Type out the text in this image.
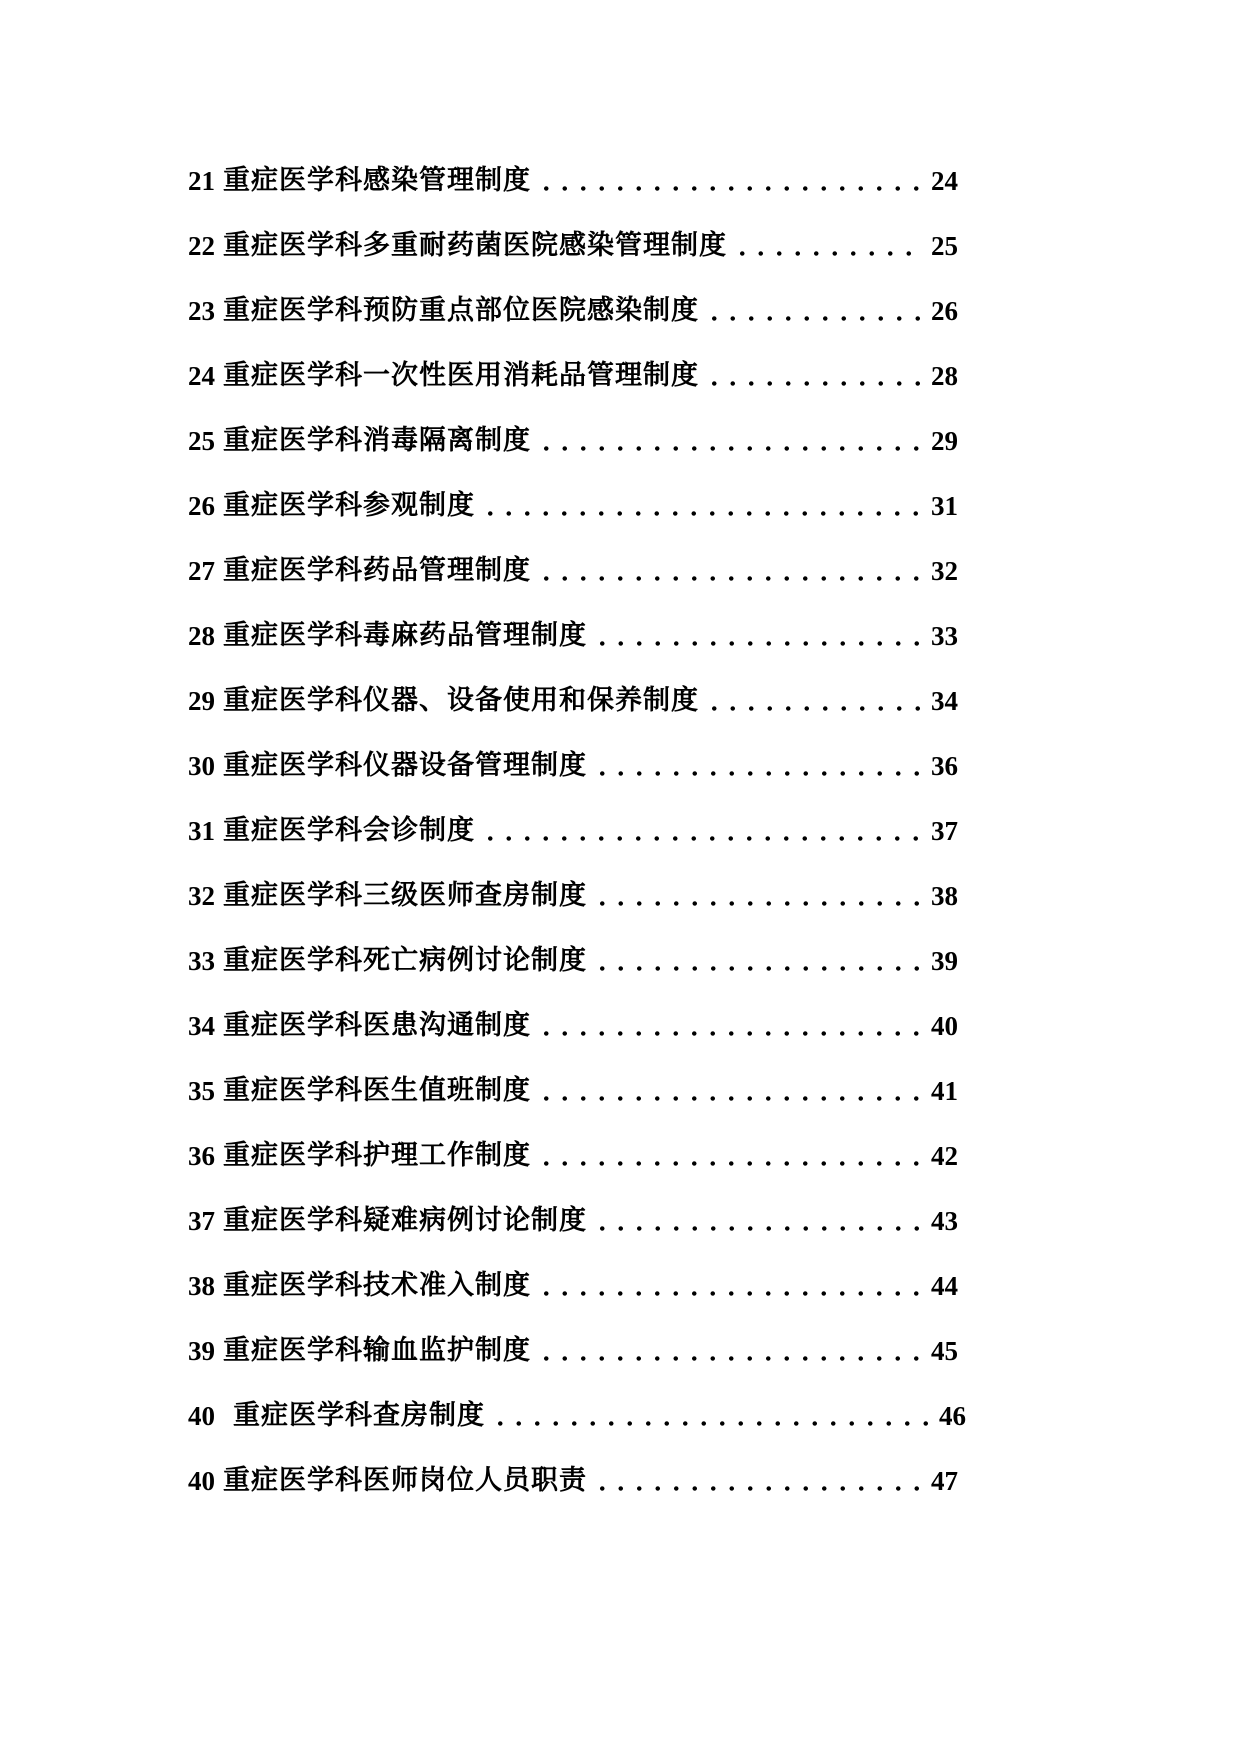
21 重症医学科感染管理制度	24
22 重症医学科多重耐药菌医院感染管理制度	25
23 重症医学科预防重点部位医院感染制度	26
24 重症医学科一次性医用消耗品管理制度	28
25 重症医学科消毒隔离制度	29
26 重症医学科参观制度	31
27 重症医学科药品管理制度	32
28 重症医学科毒麻药品管理制度	33
29 重症医学科仪器、设备使用和保养制度	34
30 重症医学科仪器设备管理制度	36
31 重症医学科会诊制度	37
32 重症医学科三级医师查房制度	38
33 重症医学科死亡病例讨论制度	39
34 重症医学科医患沟通制度	40
35 重症医学科医生值班制度	41
36 重症医学科护理工作制度	42
37 重症医学科疑难病例讨论制度	43
38 重症医学科技术准入制度	44
39 重症医学科输血监护制度	45
40 重症医学科查房制度	46
40 重症医学科医师岗位人员职责	47
